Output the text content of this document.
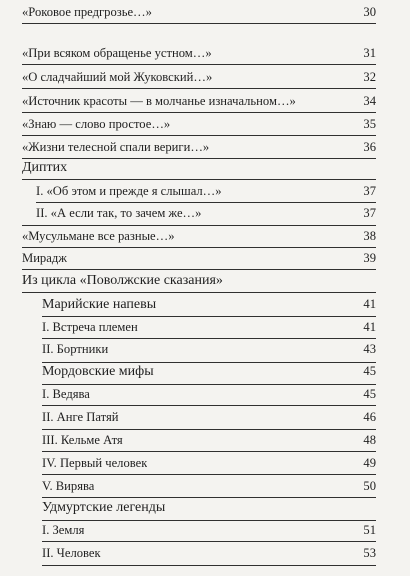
«Роковое предгрозье…»	30
«При всяком обращенье устном…»	31
«О сладчайший мой Жуковский…»	32
«Источник красоты — в молчанье изначальном…»	34
«Знаю — слово простое…»	35
«Жизни телесной спали вериги…»	36
Диптих
I. «Об этом и прежде я слышал…»	37
II. «А если так, то зачем же…»	37
«Мусульмане все разные…»	38
Мирадж	39
Из цикла «Поволжские сказания»
Марийские напевы	41
I. Встреча племен	41
II. Бортники	43
Мордовские мифы	45
I. Ведява	45
II. Анге Патяй	46
III. Кельме Атя	48
IV. Первый человек	49
V. Вирява	50
Удмуртские легенды
I. Земля	51
II. Человек	53
